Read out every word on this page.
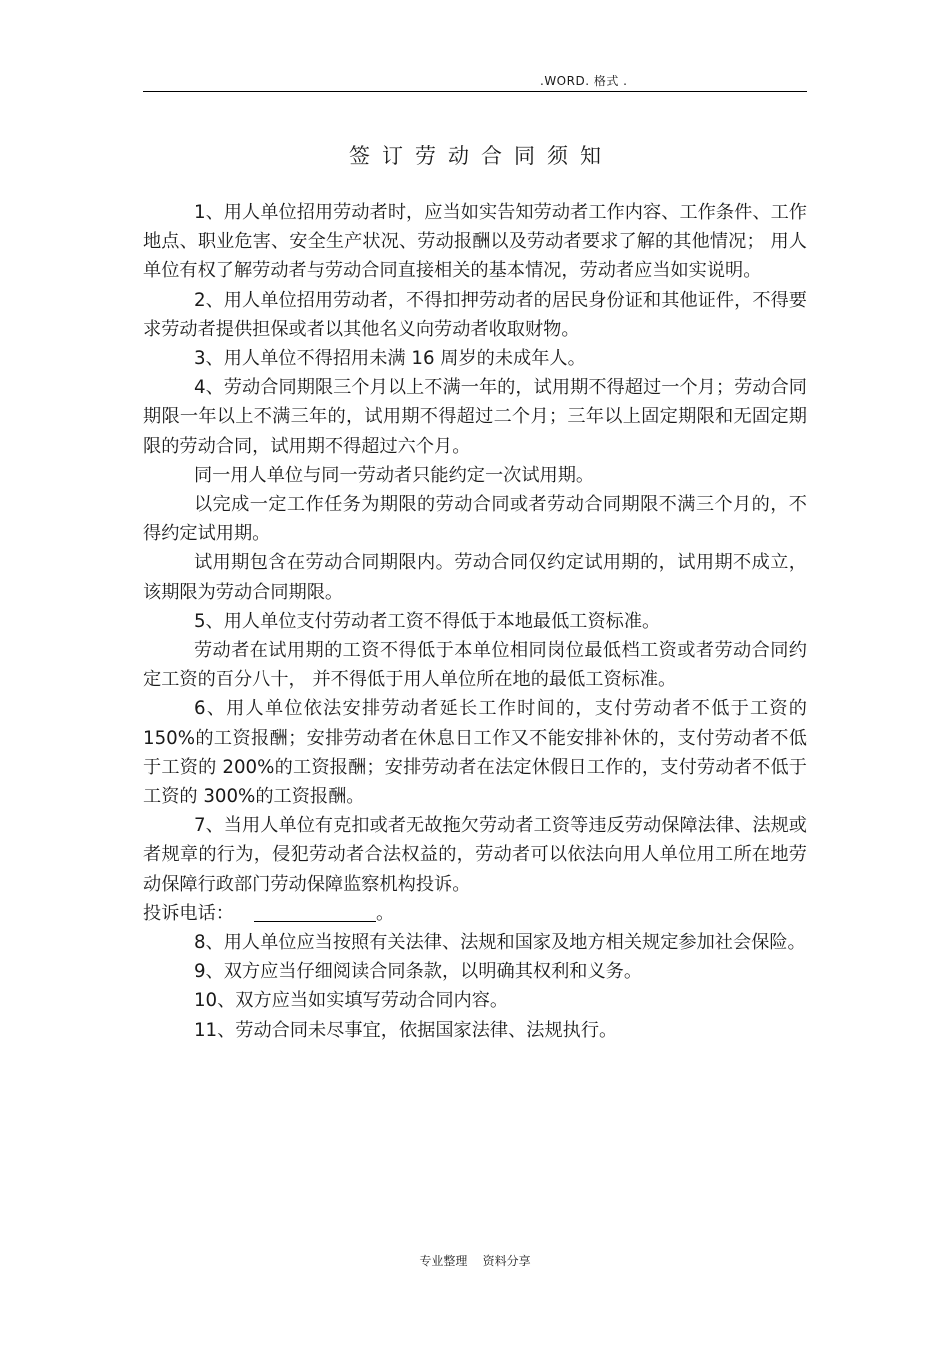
.WORD. 格式 .
签订劳动合同须知

1、用人单位招用劳动者时，应当如实告知劳动者工作内容、工作条件、工作地点、职业危害、安全生产状况、劳动报酬以及劳动者要求了解的其他情况； 用人单位有权了解劳动者与劳动合同直接相关的基本情况，劳动者应当如实说明。

2、用人单位招用劳动者，不得扣押劳动者的居民身份证和其他证件，不得要求劳动者提供担保或者以其他名义向劳动者收取财物。

3、用人单位不得招用未满 16 周岁的未成年人。

4、劳动合同期限三个月以上不满一年的，试用期不得超过一个月；劳动合同期限一年以上不满三年的，试用期不得超过二个月；三年以上固定期限和无固定期限的劳动合同，试用期不得超过六个月。

同一用人单位与同一劳动者只能约定一次试用期。

以完成一定工作任务为期限的劳动合同或者劳动合同期限不满三个月的，不得约定试用期。

试用期包含在劳动合同期限内。劳动合同仅约定试用期的，试用期不成立，该期限为劳动合同期限。

5、用人单位支付劳动者工资不得低于本地最低工资标准。

劳动者在试用期的工资不得低于本单位相同岗位最低档工资或者劳动合同约定工资的百分八十， 并不得低于用人单位所在地的最低工资标准。

6、用人单位依法安排劳动者延长工作时间的，支付劳动者不低于工资的 150%的工资报酬；安排劳动者在休息日工作又不能安排补休的，支付劳动者不低于工资的 200%的工资报酬；安排劳动者在法定休假日工作的，支付劳动者不低于工资的 300%的工资报酬。

7、当用人单位有克扣或者无故拖欠劳动者工资等违反劳动保障法律、法规或者规章的行为，侵犯劳动者合法权益的，劳动者可以依法向用人单位用工所在地劳动保障行政部门劳动保障监察机构投诉。

投诉电话：	。

8、用人单位应当按照有关法律、法规和国家及地方相关规定参加社会保险。

9、双方应当仔细阅读合同条款，以明确其权利和义务。

10、双方应当如实填写劳动合同内容。

11、劳动合同未尽事宜，依据国家法律、法规执行。

专业整理    资料分享
